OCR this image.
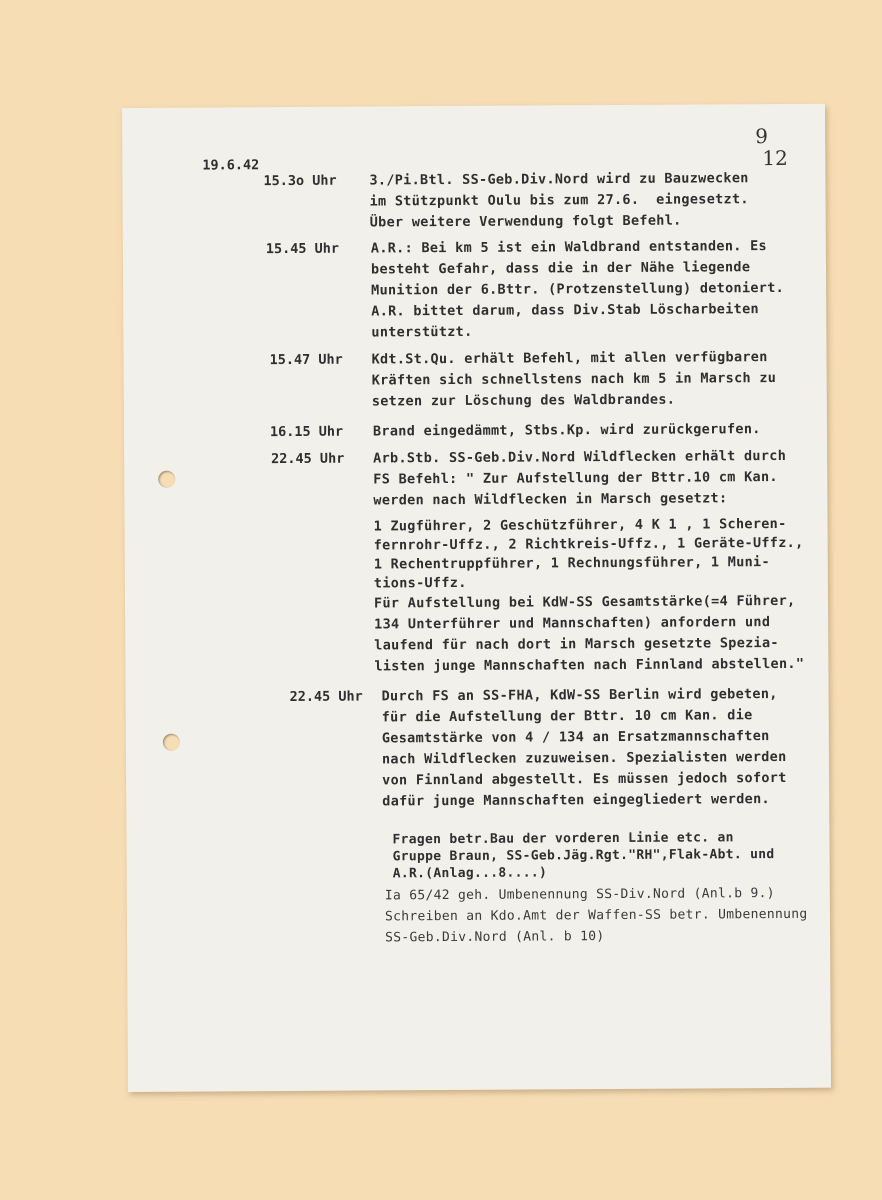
9
12
19.6.42
15.3o Uhr 3./Pi.Btl. SS-Geb.Div.Nord wird zu Bauzwecken
im Stützpunkt Oulu bis zum 27.6.  eingesetzt.
Über weitere Verwendung folgt Befehl.
15.45 Uhr A.R.: Bei km 5 ist ein Waldbrand entstanden. Es
besteht Gefahr, dass die in der Nähe liegende
Munition der 6.Bttr. (Protzenstellung) detoniert.
A.R. bittet darum, dass Div.Stab Löscharbeiten
unterstützt.
15.47 Uhr Kdt.St.Qu. erhält Befehl, mit allen verfügbaren
Kräften sich schnellstens nach km 5 in Marsch zu
setzen zur Löschung des Waldbrandes.
16.15 Uhr Brand eingedämmt, Stbs.Kp. wird zurückgerufen.
22.45 Uhr Arb.Stb. SS-Geb.Div.Nord Wildflecken erhält durch
FS Befehl: " Zur Aufstellung der Bttr.10 cm Kan.
werden nach Wildflecken in Marsch gesetzt:
1 Zugführer, 2 Geschützführer, 4 K 1 , 1 Scheren-
fernrohr-Uffz., 2 Richtkreis-Uffz., 1 Geräte-Uffz.,
1 Rechentruppführer, 1 Rechnungsführer, 1 Muni-
tions-Uffz.
Für Aufstellung bei KdW-SS Gesamtstärke(=4 Führer,
134 Unterführer und Mannschaften) anfordern und
laufend für nach dort in Marsch gesetzte Spezia-
listen junge Mannschaften nach Finnland abstellen."
22.45 Uhr Durch FS an SS-FHA, KdW-SS Berlin wird gebeten,
für die Aufstellung der Bttr. 10 cm Kan. die
Gesamtstärke von 4 / 134 an Ersatzmannschaften
nach Wildflecken zuzuweisen. Spezialisten werden
von Finnland abgestellt. Es müssen jedoch sofort
dafür junge Mannschaften eingegliedert werden.
Fragen betr.Bau der vorderen Linie etc. an
Gruppe Braun, SS-Geb.Jäg.Rgt."RH",Flak-Abt. und
A.R.(Anlag...8....)
Ia 65/42 geh. Umbenennung SS-Div.Nord (Anl.b 9.)
Schreiben an Kdo.Amt der Waffen-SS betr. Umbenennung
SS-Geb.Div.Nord (Anl. b 10)
